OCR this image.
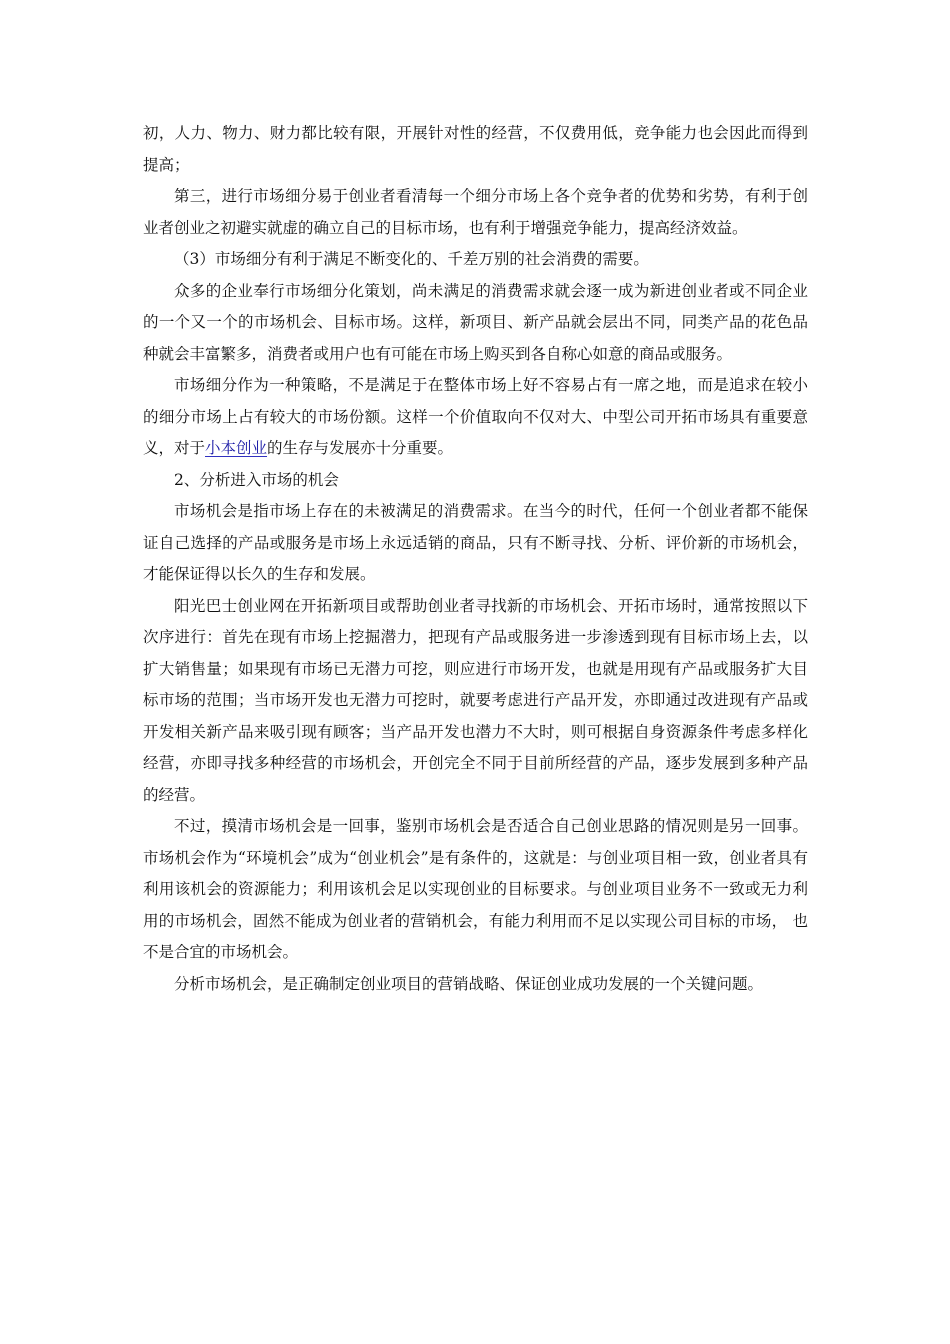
初，人力、物力、财力都比较有限，开展针对性的经营，不仅费用低，竞争能力也会因此而得到提高；

第三，进行市场细分易于创业者看清每一个细分市场上各个竞争者的优势和劣势，有利于创业者创业之初避实就虚的确立自己的目标市场，也有利于增强竞争能力，提高经济效益。

（3）市场细分有利于满足不断变化的、千差万别的社会消费的需要。

众多的企业奉行市场细分化策划，尚未满足的消费需求就会逐一成为新进创业者或不同企业的一个又一个的市场机会、目标市场。这样，新项目、新产品就会层出不同，同类产品的花色品种就会丰富繁多，消费者或用户也有可能在市场上购买到各自称心如意的商品或服务。

市场细分作为一种策略，不是满足于在整体市场上好不容易占有一席之地，而是追求在较小的细分市场上占有较大的市场份额。这样一个价值取向不仅对大、中型公司开拓市场具有重要意义，对于小本创业的生存与发展亦十分重要。

2、分析进入市场的机会

市场机会是指市场上存在的未被满足的消费需求。在当今的时代，任何一个创业者都不能保证自己选择的产品或服务是市场上永远适销的商品，只有不断寻找、分析、评价新的市场机会，才能保证得以长久的生存和发展。

阳光巴士创业网在开拓新项目或帮助创业者寻找新的市场机会、开拓市场时，通常按照以下次序进行：首先在现有市场上挖掘潜力，把现有产品或服务进一步渗透到现有目标市场上去，以扩大销售量；如果现有市场已无潜力可挖，则应进行市场开发，也就是用现有产品或服务扩大目标市场的范围；当市场开发也无潜力可挖时，就要考虑进行产品开发，亦即通过改进现有产品或开发相关新产品来吸引现有顾客；当产品开发也潜力不大时，则可根据自身资源条件考虑多样化经营，亦即寻找多种经营的市场机会，开创完全不同于目前所经营的产品，逐步发展到多种产品的经营。

不过，摸清市场机会是一回事，鉴别市场机会是否适合自己创业思路的情况则是另一回事。市场机会作为“环境机会”成为“创业机会”是有条件的，这就是：与创业项目相一致，创业者具有利用该机会的资源能力；利用该机会足以实现创业的目标要求。与创业项目业务不一致或无力利用的市场机会，固然不能成为创业者的营销机会，有能力利用而不足以实现公司目标的市场， 也不是合宜的市场机会。

分析市场机会，是正确制定创业项目的营销战略、保证创业成功发展的一个关键问题。
